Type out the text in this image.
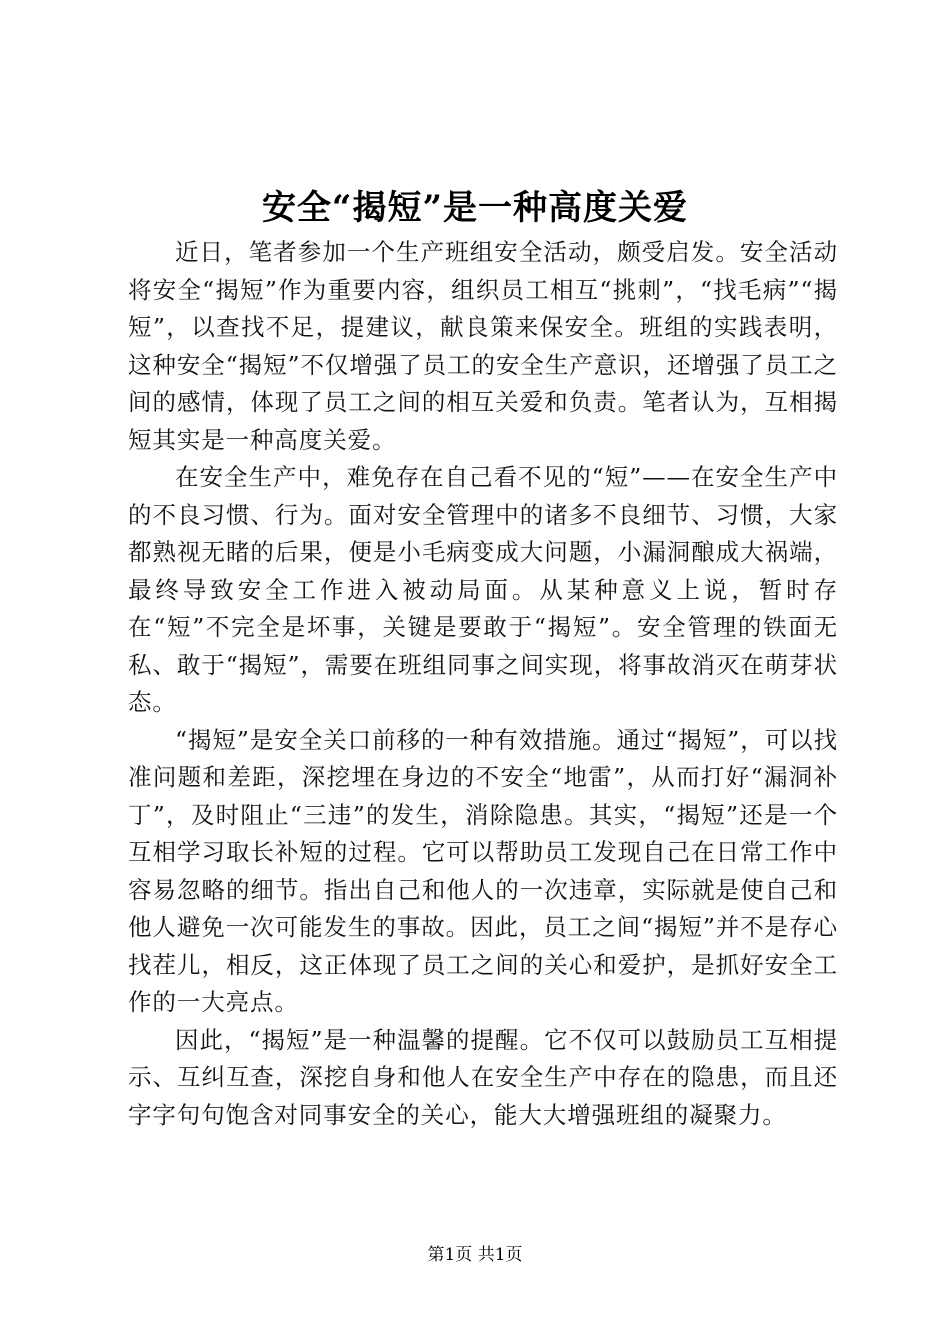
安全“揭短”是一种高度关爱

近日，笔者参加一个生产班组安全活动，颇受启发。安全活动将安全“揭短”作为重要内容，组织员工相互“挑刺”，“找毛病”“揭短”，以查找不足，提建议，献良策来保安全。班组的实践表明，这种安全“揭短”不仅增强了员工的安全生产意识，还增强了员工之间的感情，体现了员工之间的相互关爱和负责。笔者认为，互相揭短其实是一种高度关爱。

在安全生产中，难免存在自己看不见的“短”——在安全生产中的不良习惯、行为。面对安全管理中的诸多不良细节、习惯，大家都熟视无睹的后果，便是小毛病变成大问题，小漏洞酿成大祸端，最终导致安全工作进入被动局面。从某种意义上说，暂时存在“短”不完全是坏事，关键是要敢于“揭短”。安全管理的铁面无私、敢于“揭短”，需要在班组同事之间实现，将事故消灭在萌芽状态。

“揭短”是安全关口前移的一种有效措施。通过“揭短”，可以找准问题和差距，深挖埋在身边的不安全“地雷”，从而打好“漏洞补丁”，及时阻止“三违”的发生，消除隐患。其实，“揭短”还是一个互相学习取长补短的过程。它可以帮助员工发现自己在日常工作中容易忽略的细节。指出自己和他人的一次违章，实际就是使自己和他人避免一次可能发生的事故。因此，员工之间“揭短”并不是存心找茬儿，相反，这正体现了员工之间的关心和爱护，是抓好安全工作的一大亮点。

因此，“揭短”是一种温馨的提醒。它不仅可以鼓励员工互相提示、互纠互查，深挖自身和他人在安全生产中存在的隐患，而且还字字句句饱含对同事安全的关心，能大大增强班组的凝聚力。

第1页 共1页
